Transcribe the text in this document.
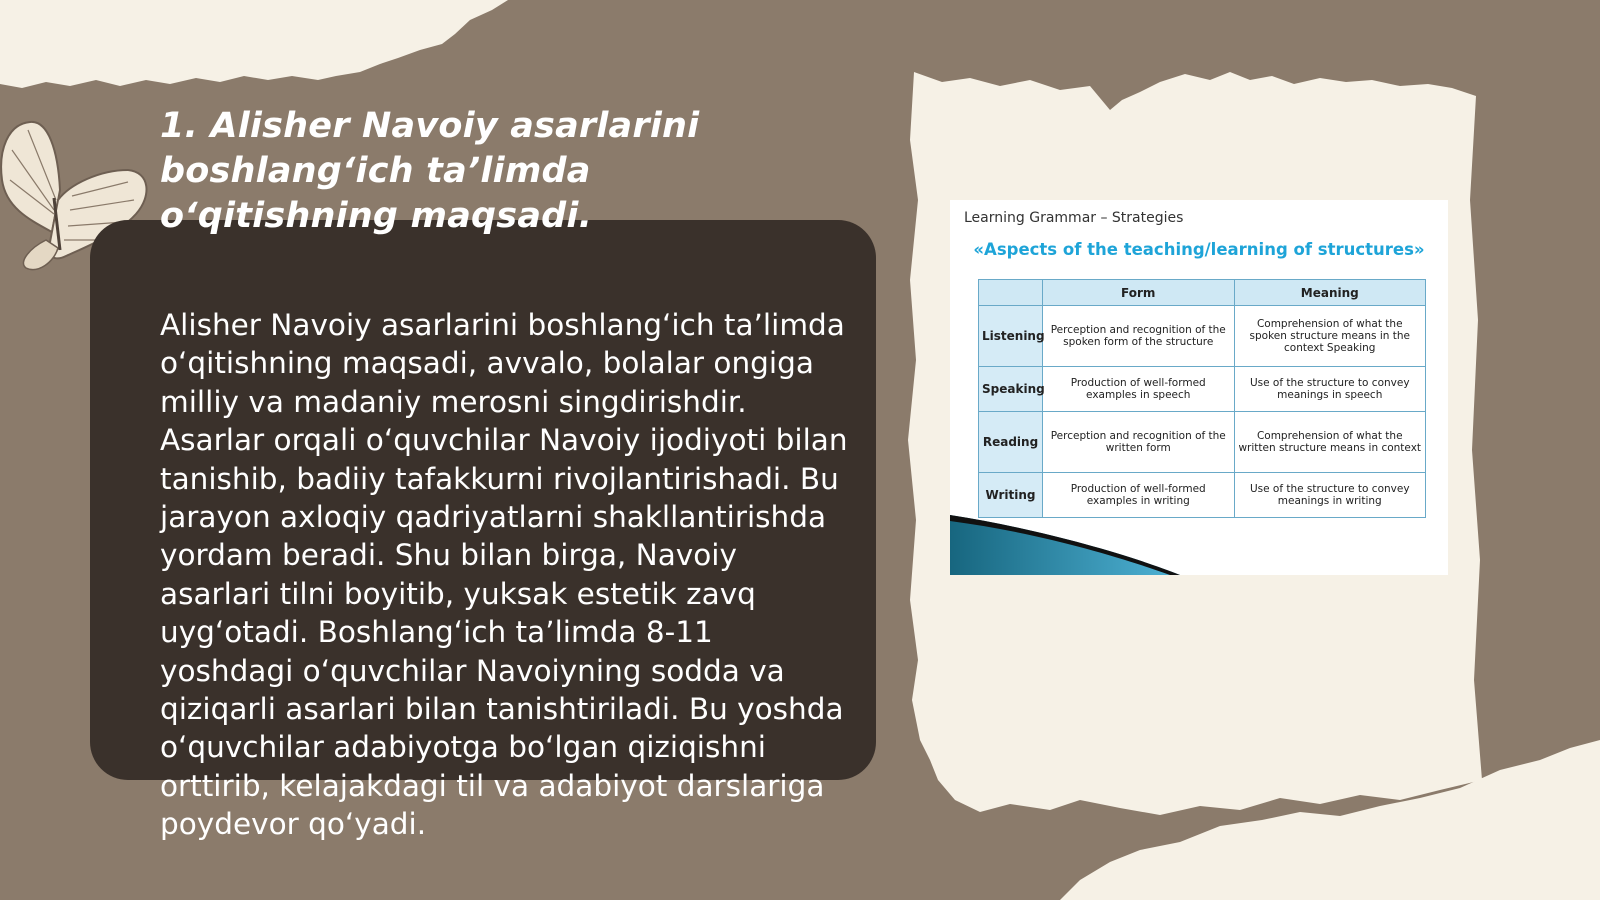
1. Alisher Navoiy asarlarini boshlang‘ich ta’limda o‘qitishning maqsadi.

Alisher Navoiy asarlarini boshlang‘ich ta’limda o‘qitishning maqsadi, avvalo, bolalar ongiga milliy va madaniy merosni singdirishdir. Asarlar orqali o‘quvchilar Navoiy ijodiyoti bilan tanishib, badiiy tafakkurni rivojlantirishadi. Bu jarayon axloqiy qadriyatlarni shakllantirishda yordam beradi. Shu bilan birga, Navoiy asarlari tilni boyitib, yuksak estetik zavq uyg‘otadi. Boshlang‘ich ta’limda 8-11 yoshdagi o‘quvchilar Navoiyning sodda va qiziqarli asarlari bilan tanishtiriladi. Bu yoshda o‘quvchilar adabiyotga bo‘lgan qiziqishni orttirib, kelajakdagi til va adabiyot darslariga poydevor qo‘yadi.

Learning Grammar – Strategies
«Aspects of the teaching/learning of structures»
	Form	Meaning
Listening	Perception and recognition of the spoken form of the structure	Comprehension of what the spoken structure means in the context Speaking
Speaking	Production of well-formed examples in speech	Use of the structure to convey meanings in speech
Reading	Perception and recognition of the written form	Comprehension of what the written structure means in context
Writing	Production of well-formed examples in writing	Use of the structure to convey meanings in writing
